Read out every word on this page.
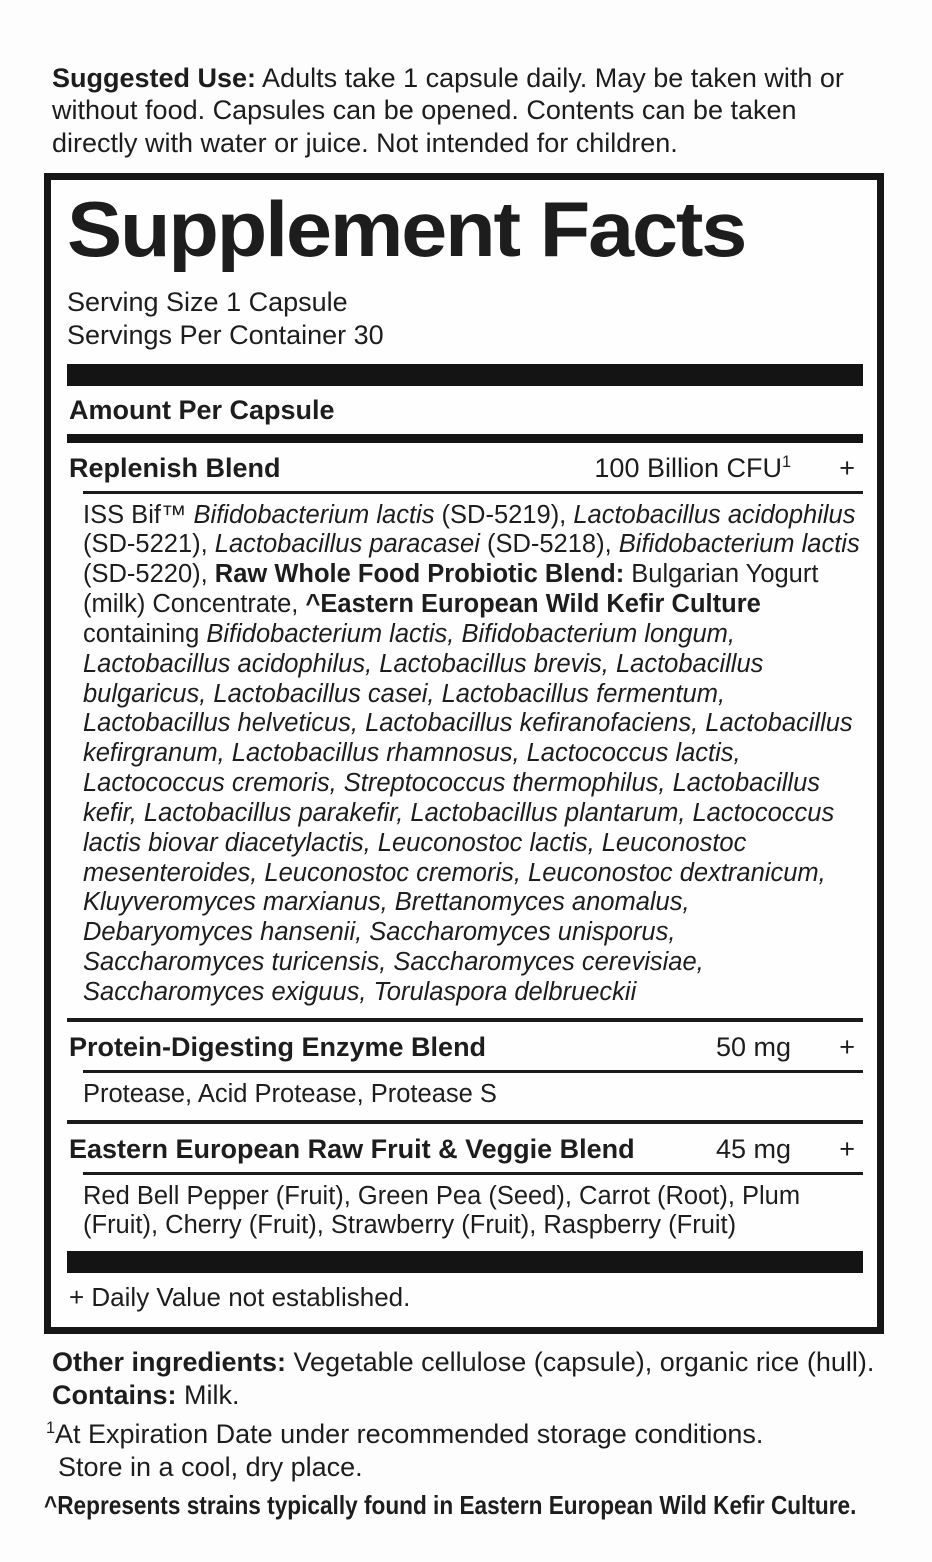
Suggested Use: Adults take 1 capsule daily. May be taken with or without food. Capsules can be opened. Contents can be taken directly with water or juice. Not intended for children.

Supplement Facts
Serving Size 1 Capsule
Servings Per Container 30
Amount Per Capsule
Replenish Blend	100 Billion $CFU^1$	+

ISS Bif™ Bifidobacterium lactis (SD-5219), Lactobacillus acidophilus (SD-5221), Lactobacillus paracasei (SD-5218), Bifidobacterium lactis (SD-5220), Raw Whole Food Probiotic Blend: Bulgarian Yogurt (milk) Concentrate, ^Eastern European Wild Kefir Culture containing Bifidobacterium lactis, Bifidobacterium longum, Lactobacillus acidophilus, Lactobacillus brevis, Lactobacillus bulgaricus, Lactobacillus casei, Lactobacillus fermentum, Lactobacillus helveticus, Lactobacillus kefiranofaciens, Lactobacillus kefirgranum, Lactobacillus rhamnosus, Lactococcus lactis, Lactococcus cremoris, Streptococcus thermophilus, Lactobacillus kefir, Lactobacillus parakefir, Lactobacillus plantarum, Lactococcus lactis biovar diacetylactis, Leuconostoc lactis, Leuconostoc mesenteroides, Leuconostoc cremoris, Leuconostoc dextranicum, Kluyveromyces marxianus, Brettanomyces anomalus, Debaryomyces hansenii, Saccharomyces unisporus, Saccharomyces turicensis, Saccharomyces cerevisiae, Saccharomyces exiguus, Torulaspora delbrueckii

Protein-Digesting Enzyme Blend	50 mg	+

Protease, Acid Protease, Protease S

Eastern European Raw Fruit & Veggie Blend	45 mg	+

Red Bell Pepper (Fruit), Green Pea (Seed), Carrot (Root), Plum (Fruit), Cherry (Fruit), Strawberry (Fruit), Raspberry (Fruit)

+ Daily Value not established.

Other ingredients: Vegetable cellulose (capsule), organic rice (hull).

Contains: Milk.

$^1$At Expiration Date under recommended storage conditions.

Store in a cool, dry place.

^Represents strains typically found in Eastern European Wild Kefir Culture.
